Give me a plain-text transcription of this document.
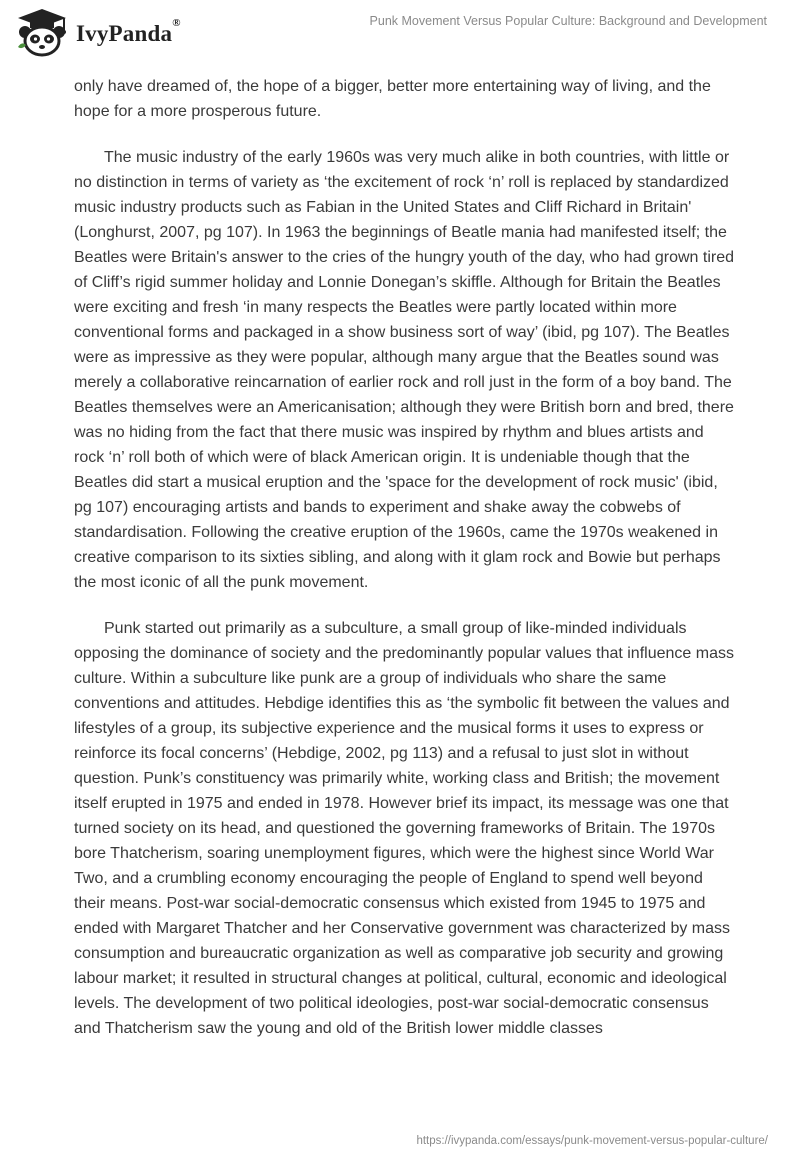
IvyPanda®	Punk Movement Versus Popular Culture: Background and Development

only have dreamed of, the hope of a bigger, better more entertaining way of living, and the hope for a more prosperous future.

The music industry of the early 1960s was very much alike in both countries, with little or no distinction in terms of variety as ‘the excitement of rock ‘n’ roll is replaced by standardized music industry products such as Fabian in the United States and Cliff Richard in Britain' (Longhurst, 2007, pg 107). In 1963 the beginnings of Beatle mania had manifested itself; the Beatles were Britain's answer to the cries of the hungry youth of the day, who had grown tired of Cliff’s rigid summer holiday and Lonnie Donegan’s skiffle. Although for Britain the Beatles were exciting and fresh ‘in many respects the Beatles were partly located within more conventional forms and packaged in a show business sort of way’ (ibid, pg 107). The Beatles were as impressive as they were popular, although many argue that the Beatles sound was merely a collaborative reincarnation of earlier rock and roll just in the form of a boy band. The Beatles themselves were an Americanisation; although they were British born and bred, there was no hiding from the fact that there music was inspired by rhythm and blues artists and rock ‘n’ roll both of which were of black American origin. It is undeniable though that the Beatles did start a musical eruption and the 'space for the development of rock music' (ibid, pg 107) encouraging artists and bands to experiment and shake away the cobwebs of standardisation. Following the creative eruption of the 1960s, came the 1970s weakened in creative comparison to its sixties sibling, and along with it glam rock and Bowie but perhaps the most iconic of all the punk movement.

Punk started out primarily as a subculture, a small group of like-minded individuals opposing the dominance of society and the predominantly popular values that influence mass culture. Within a subculture like punk are a group of individuals who share the same conventions and attitudes. Hebdige identifies this as ‘the symbolic fit between the values and lifestyles of a group, its subjective experience and the musical forms it uses to express or reinforce its focal concerns’ (Hebdige, 2002, pg 113) and a refusal to just slot in without question. Punk’s constituency was primarily white, working class and British; the movement itself erupted in 1975 and ended in 1978. However brief its impact, its message was one that turned society on its head, and questioned the governing frameworks of Britain. The 1970s bore Thatcherism, soaring unemployment figures, which were the highest since World War Two, and a crumbling economy encouraging the people of England to spend well beyond their means. Post-war social-democratic consensus which existed from 1945 to 1975 and ended with Margaret Thatcher and her Conservative government was characterized by mass consumption and bureaucratic organization as well as comparative job security and growing labour market; it resulted in structural changes at political, cultural, economic and ideological levels. The development of two political ideologies, post-war social-democratic consensus and Thatcherism saw the young and old of the British lower middle classes

https://ivypanda.com/essays/punk-movement-versus-popular-culture/
